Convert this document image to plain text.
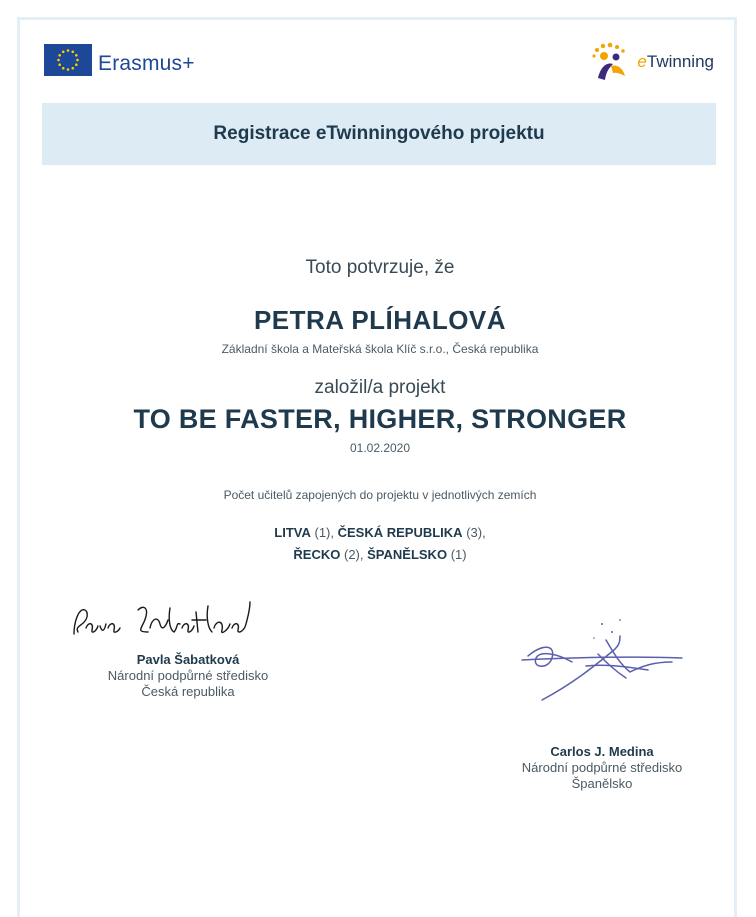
Erasmus+	eTwinning
Registrace eTwinningového projektu
Toto potvrzuje, že
PETRA PLÍHALOVÁ
Základní škola a Mateřská škola Klíč s.r.o., Česká republika
založil/a projekt
TO BE FASTER, HIGHER, STRONGER
01.02.2020
Počet učitelů zapojených do projektu v jednotlivých zemích
LITVA (1), ČESKÁ REPUBLIKA (3),
ŘECKO (2), ŠPANĚLSKO (1)
Pavla Šabatková
Národní podpůrné středisko
Česká republika
Carlos J. Medina
Národní podpůrné středisko
Španělsko
